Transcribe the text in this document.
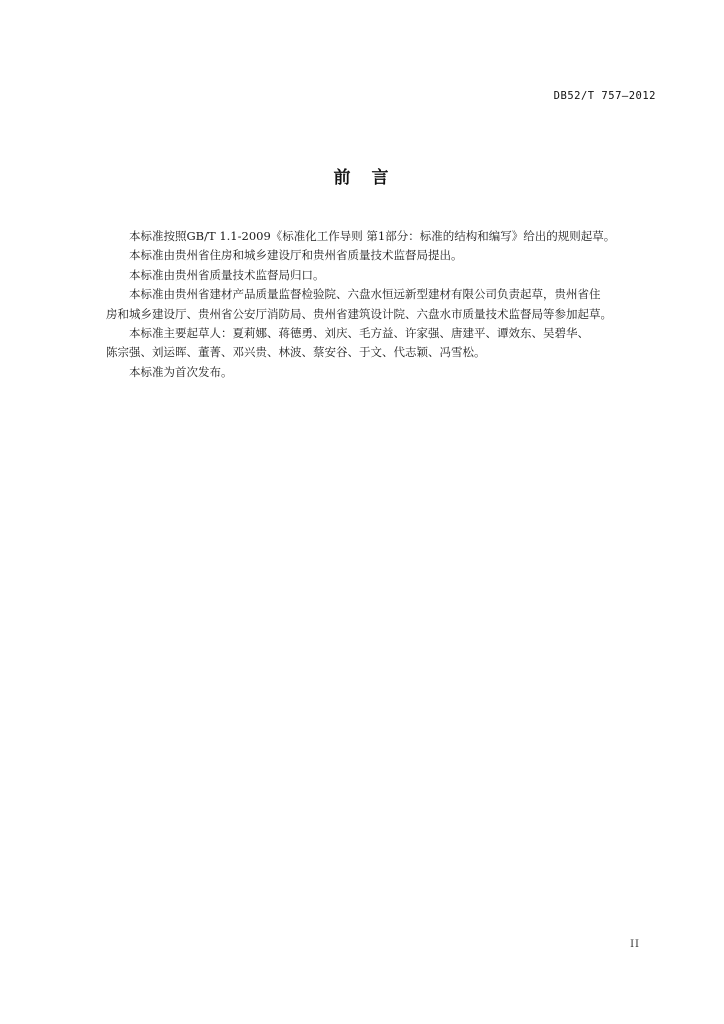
DB52/T 757—2012
前　言

本标准按照GB/T 1.1-2009《标准化工作导则 第1部分：标准的结构和编写》给出的规则起草。

本标准由贵州省住房和城乡建设厅和贵州省质量技术监督局提出。

本标准由贵州省质量技术监督局归口。

本标准由贵州省建材产品质量监督检验院、六盘水恒远新型建材有限公司负责起草，贵州省住
房和城乡建设厅、贵州省公安厅消防局、贵州省建筑设计院、六盘水市质量技术监督局等参加起草。

本标准主要起草人：夏莉娜、蒋德勇、刘庆、毛方益、许家强、唐建平、谭效东、吴碧华、
陈宗强、刘运晖、董菁、邓兴贵、林波、蔡安谷、于文、代志颖、冯雪松。

本标准为首次发布。

II
